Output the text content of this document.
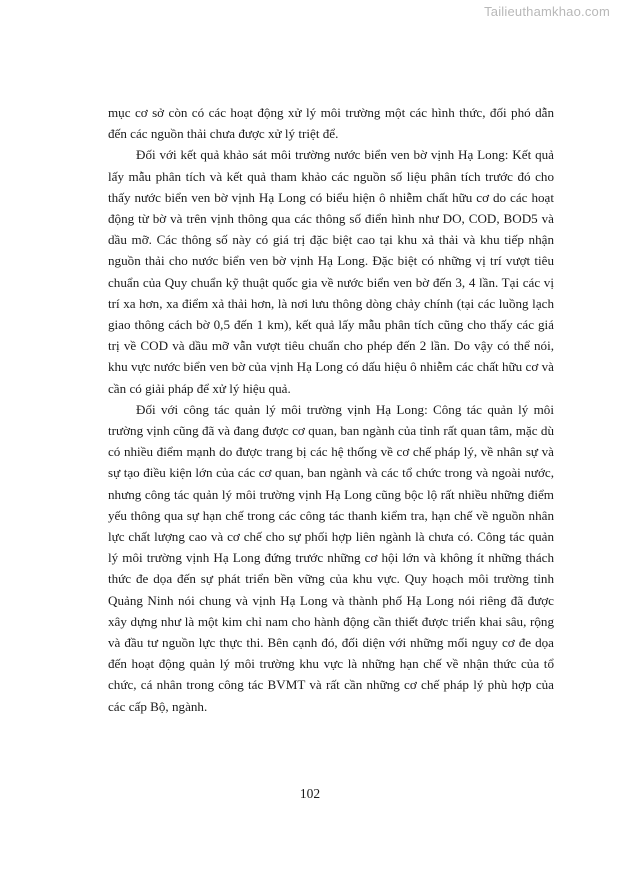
Tailieuthamkhao.com

mục cơ sở còn có các hoạt động xử lý môi trường một các hình thức, đối phó dẫn đến các nguồn thải chưa được xử lý triệt để.

Đối với kết quả khảo sát môi trường nước biển ven bờ vịnh Hạ Long: Kết quả lấy mẫu phân tích và kết quả tham khảo các nguồn số liệu phân tích trước đó cho thấy nước biển ven bờ vịnh Hạ Long có biểu hiện ô nhiễm chất hữu cơ do các hoạt động từ bờ và trên vịnh thông qua các thông số điển hình như DO, COD, BOD5 và dầu mỡ. Các thông số này có giá trị đặc biệt cao tại khu xả thải và khu tiếp nhận nguồn thải cho nước biển ven bờ vịnh Hạ Long. Đặc biệt có những vị trí vượt tiêu chuẩn của Quy chuẩn kỹ thuật quốc gia về nước biển ven bờ đến 3, 4 lần. Tại các vị trí xa hơn, xa điểm xả thải hơn, là nơi lưu thông dòng chảy chính (tại các luồng lạch giao thông cách bờ 0,5 đến 1 km), kết quả lấy mẫu phân tích cũng cho thấy các giá trị về COD và dầu mỡ vẫn vượt tiêu chuẩn cho phép đến 2 lần. Do vậy có thể nói, khu vực nước biển ven bờ của vịnh Hạ Long có dấu hiệu ô nhiễm các chất hữu cơ và cần có giải pháp để xử lý hiệu quả.

Đối với công tác quản lý môi trường vịnh Hạ Long: Công tác quản lý môi trường vịnh cũng đã và đang được cơ quan, ban ngành của tỉnh rất quan tâm, mặc dù có nhiều điểm mạnh do được trang bị các hệ thống về cơ chế pháp lý, về nhân sự và sự tạo điều kiện lớn của các cơ quan, ban ngành và các tổ chức trong và ngoài nước, nhưng công tác quản lý môi trường vịnh Hạ Long cũng bộc lộ rất nhiều những điểm yếu thông qua sự hạn chế trong các công tác thanh kiểm tra, hạn chế về nguồn nhân lực chất lượng cao và cơ chế cho sự phối hợp liên ngành là chưa có. Công tác quản lý môi trường vịnh Hạ Long đứng trước những cơ hội lớn và không ít những thách thức đe dọa đến sự phát triển bền vững của khu vực. Quy hoạch môi trường tỉnh Quảng Ninh nói chung và vịnh Hạ Long và thành phố Hạ Long nói riêng đã được xây dựng như là một kim chỉ nam cho hành động cần thiết được triển khai sâu, rộng và đầu tư nguồn lực thực thi. Bên cạnh đó, đối diện với những mối nguy cơ đe dọa đến hoạt động quản lý môi trường khu vực là những hạn chế về nhận thức của tổ chức, cá nhân trong công tác BVMT và rất cần những cơ chế pháp lý phù hợp của các cấp Bộ, ngành.

102
